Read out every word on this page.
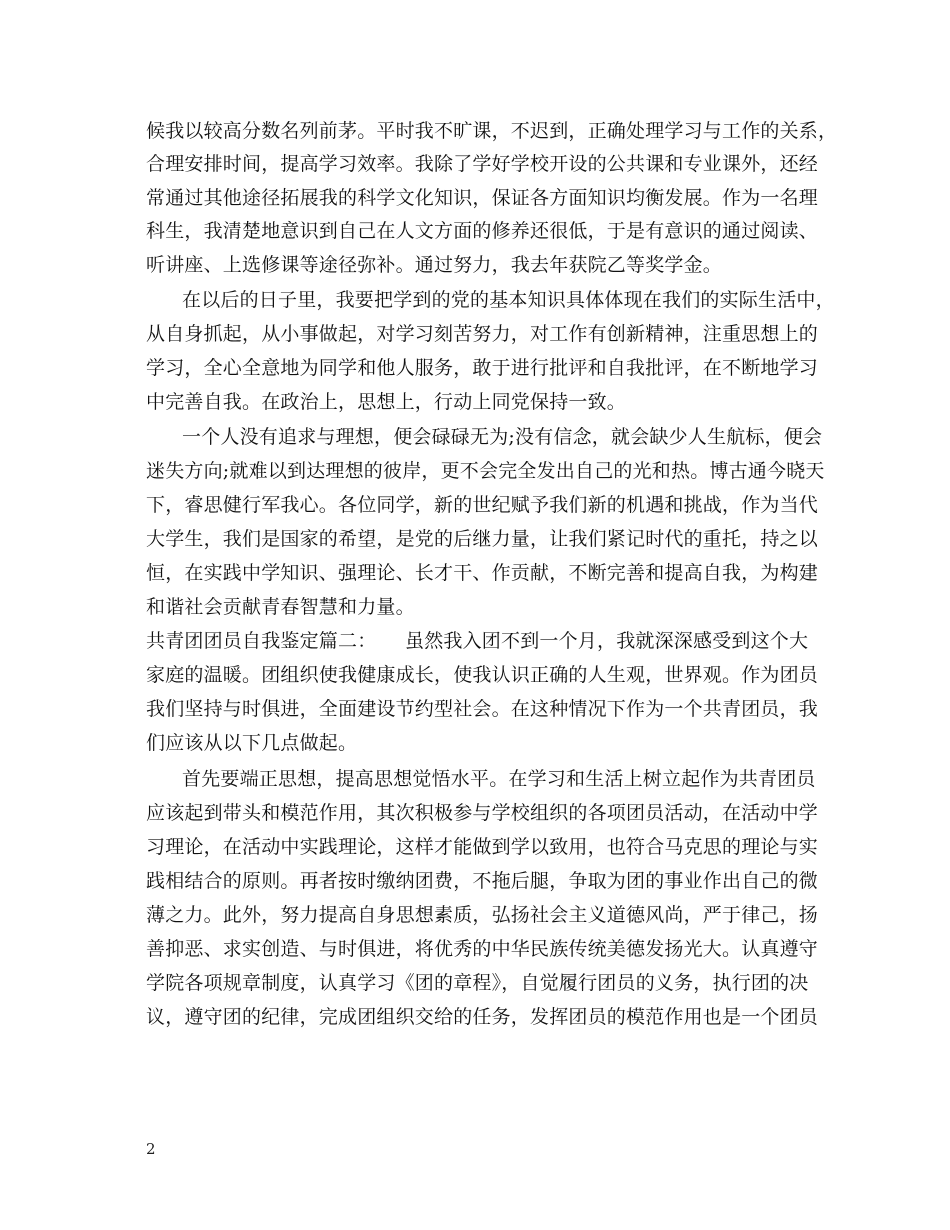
候我以较高分数名列前茅。平时我不旷课，不迟到，正确处理学习与工作的关系，
合理安排时间，提高学习效率。我除了学好学校开设的公共课和专业课外，还经
常通过其他途径拓展我的科学文化知识，保证各方面知识均衡发展。作为一名理
科生，我清楚地意识到自己在人文方面的修养还很低，于是有意识的通过阅读、
听讲座、上选修课等途径弥补。通过努力，我去年获院乙等奖学金。
在以后的日子里，我要把学到的党的基本知识具体体现在我们的实际生活中，
从自身抓起，从小事做起，对学习刻苦努力，对工作有创新精神，注重思想上的
学习，全心全意地为同学和他人服务，敢于进行批评和自我批评，在不断地学习
中完善自我。在政治上，思想上，行动上同党保持一致。
一个人没有追求与理想，便会碌碌无为;没有信念，就会缺少人生航标，便会
迷失方向;就难以到达理想的彼岸，更不会完全发出自己的光和热。博古通今晓天
下，睿思健行军我心。各位同学，新的世纪赋予我们新的机遇和挑战，作为当代
大学生，我们是国家的希望，是党的后继力量，让我们紧记时代的重托，持之以
恒，在实践中学知识、强理论、长才干、作贡献，不断完善和提高自我，为构建
和谐社会贡献青春智慧和力量。
共青团团员自我鉴定篇二： 虽然我入团不到一个月，我就深深感受到这个大
家庭的温暖。团组织使我健康成长，使我认识正确的人生观，世界观。作为团员
我们坚持与时俱进，全面建设节约型社会。在这种情况下作为一个共青团员，我
们应该从以下几点做起。
首先要端正思想，提高思想觉悟水平。在学习和生活上树立起作为共青团员
应该起到带头和模范作用，其次积极参与学校组织的各项团员活动，在活动中学
习理论，在活动中实践理论，这样才能做到学以致用，也符合马克思的理论与实
践相结合的原则。再者按时缴纳团费，不拖后腿，争取为团的事业作出自己的微
薄之力。此外，努力提高自身思想素质，弘扬社会主义道德风尚，严于律己，扬
善抑恶、求实创造、与时俱进，将优秀的中华民族传统美德发扬光大。认真遵守
学院各项规章制度，认真学习《团的章程》，自觉履行团员的义务，执行团的决
议，遵守团的纪律，完成团组织交给的任务，发挥团员的模范作用也是一个团员
2
